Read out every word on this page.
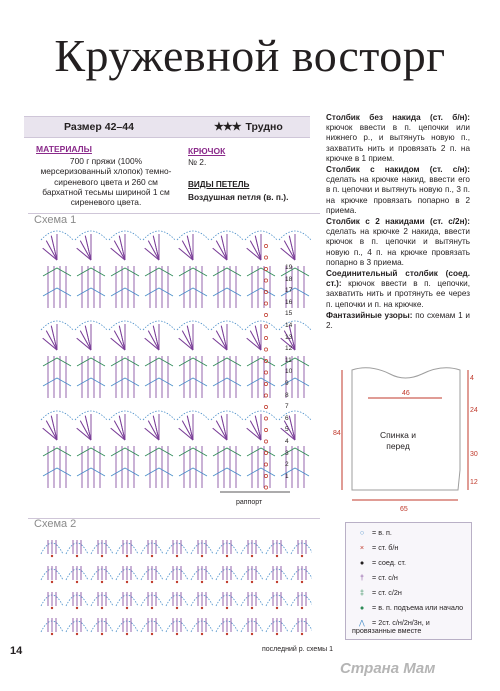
Кружевной восторг
Размер 42–44	★★★ Трудно
МАТЕРИАЛЫ
700 г пряжи (100% мерсеризованный хлопок) темно-сиреневого цвета и 260 см бархатной тесьмы шириной 1 см сиреневого цвета.
КРЮЧОК
№ 2.
ВИДЫ ПЕТЕЛЬ
Воздушная петля (в. п.).

Столбик без накида (ст. б/н): крючок ввести в п. цепочки или нижнего р., и вытянуть новую п., захватить нить и провязать 2 п. на крючке в 1 прием.

Столбик с накидом (ст. с/н): сделать на крючке накид, ввести его в п. цепочки и вытянуть новую п., 3 п. на крючке провязать попарно в 2 приема.

Столбик с 2 накидами (ст. с/2н): сделать на крючке 2 накида, ввести крючок в п. цепочки и вытянуть новую п., 4 п. на крючке провязать попарно в 3 приема.

Соединительный столбик (соед. ст.): крючок ввести в п. цепочки, захватить нить и протянуть ее через п. цепочки и п. на крючке.

Фантазийные узоры: по схемам 1 и 2.

Схема 1
19
18
17
16
15
14
13
12
11
10
9
8
7
6
5
4
3
2
1
раппорт
Схема 2
последний р. схемы 1
46
65
84
4
24
30
12
Спинка и перед
○ = в. п.
× = ст. б/н
● = соед. ст.
† = ст. с/н
‡ = ст. с/2н
● = в. п. подъема или начало
⋀ = 2ст. с/н/2н/3н, и провязанные вместе
14
Страна Мам
